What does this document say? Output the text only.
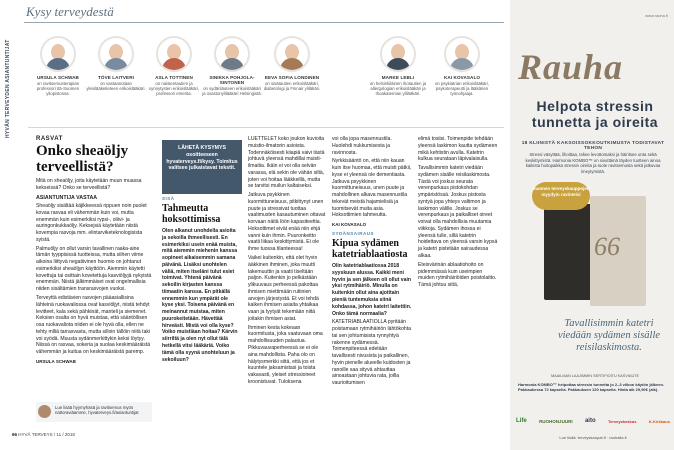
Kysy terveydestä
HYVÄN TERVEYDEN ASIANTUNTIJAT	URSULA SCHWAB
on ravitsemusterapian professori Itä-Suomen yliopistossa.
TÖVE LAITVERI
on vastaanotaan yleislääketieteen erikoislääkäri.
ASLA TOTTINEN
on naistentautien ja synnytysten erikoislääkäri, professori emerita.
SINIKKA POHJOLA-SINTONEN
on sydänläuteen erikoislääkäri ja osastonylilääkäri Helsingistä.
EEVA SOFIA LONDINEN
on sisätautien erikoislääkäri, diabetologi ja Finnair yliläkäri.
MARKE LEBLI
on helsinkiläinen ihotautien ja allergologian erikoislääkäri ja Ihoakatemian ylilääkäri.
KAI KOVASALO
on psykiatrian erikoislääkäri, psykoterapeutti ja lääkärien työnohjaaja.
RASVAT
Onko sheaöljy terveellistä?

Mitä on sheaöljy, joita käytetään muun muassa kekseissä? Onko se terveellistä?

ASIANTUNTIJA VASTAA

Sheaöljy sisältää käjikkeessä rippuen noin puolet kovaa rasvaa eli vähemmän kuin voi, mutta enemmän kuin esimerkiksi rypsi-, oliivi- ja auringonkukkaöljy. Keksejsiä käytetään niistä kovempia rasvoja mm. elintarviketeknologisista syistä.

Palmuöljy on ollut varsin tavallinen raaka-aine tämän tyyppisissä tuotteissa, mutta siihen viime aikoina liittyvä negatiivinen huomio on johtanut esimerkiksi sheaöljyn käyttöön. Aiemmin käytetti kovettuja tai osittain kovetettuja kasviöljyjä nykyistä enemmän. Niistä jälkimmäiset ovat ongelmallisia niiden sisältämien transrasvojen vuoksi.

Terveyttä edistävien rasvojen pääasiallisina lähteinä ruokavaliossa ovat kasviöljyt, niistä tehdyt levitteet, kala sekä pähkinät, manteli ja siemenet. Keksien osalta on hyvä muistaa, että sääntöllisen osa ruokavaliota niiden ei ole hyvä olla, ellen ne tehty mlliä tarrasvasta, mutta silloin tällöin niitä taki voi syödä. Muusta sydänmerkittykin keksi löytyy. Niissä on rasvaa, sokeria ja suolaa keskimääräistä vähemmän ja kuitua on keskimääräistä paremp.

URSULA SCHWAB
Lue lisää hyymyhäsä ja ravitsemus myös nattoraviäamme, hyvaterveys.fi/asiantuntijat
LÄHETÄ KYSYMYS osoitteeseen hyvaterveys.fi/kysy. Toimitus valitsee julkaistavat tekstit.
SISÄ
Tahmeutta hoksottimissa

Olen alkanut unohdella asioita ja sekoilla ihmeellisesti. En esimerkiksi usein enää muista, mitä aiemmin miehenin kanssa sopineet aikaisemmin samana päivänä. Lisäksi unohtelen väliä, miten itseläni tulut esiet toimivat. Yhtenä päivänä sekoilin kirjasten kanssa tiimaatin kanssa. En pitkällä ennemmin kun ympärät ole kyse yksi. Toisena päivänä en meinannut muistaa, miten puurokeitetään. Hävettää hirveästi. Mistä voi olla kyse? Voiko muistiäan hoitaa? Kärvin siirriltä ja olen nyt ollut tälä hetkellä vitsi lääkäriä. Voiko tämä olla syynä unohteluun ja sekoiluun?

LUETTELET koko joukon kuvioita muistio-ilmatorin asioista. Todennäköisesti kiiapiä vaivi tästä johtuvä yleensä mahdillai muisti-ilmaitia. Ikäin ei voi olla selvän varassa, elä sekin ole vähän siltä, joten voi hoitaa lääkkeillä, mutta se tarvitsi muilun kaltaiseksi.

Jatkuva psykkinen kuormittuneisuus, pitkittynyt unen puute ja stressivat tuottaa vaatimusten kasautuminen ottavat korvaan näitä löön kapasiteettia. Hoksottimet eivät enää niin ehjä vanni kuin ihmin. Puuronkeitto vaatii liikaa keskittymistä. Ei ole ihme tuossa tilanteessa!

Vaikei kuitenkin, että olet hyvin ääkkinen ihminen, joka muutti lakemuuttin ja vaatii tiseltään paljon. Kuitenkin jo pelkästään ylikuuvaus perheessä pakottaa ihmisen miettimään rutiinien arvojen järjestystä. Et voi tehdä kaiken ihmisen asiaita yhtaikaa vaan ja tyytyät tekemään niitä joitakin ihmisen asiat.

Ihminen kesta kokeaan kuormitusta, joka vaatuvaan oma mahdollisuuden palautua. Pikkuvauvaperheessä se ei ole aina mahdollista. Paha olo on hälytysmerkki siitä, että jos et kuuntele jaksamistasi ja toista vakavasti, yleiset stressioireet kroonistuvat. Tuloksena

voi olla jopa masennustila. Huolehdi nukkumisesta ja ravinnosta.

Nyrkkisääntö on, että niin kauan kuin itse huomaa, että muisti pätkii, kyse ei yleensä ole dementiasta. Jatkuva psyykkinen kuormittuneisuus, unen puute ja mahdollinen alkava masennustila tekevät meistä hajamielisiä ja tuomitsevät muita asia. Hoksottimien tahmeutta.

KAI KOVASALO
SYDÄNSAIRAUS
Kipua sydämen katetriablaatiosta

Olin katetriablaatiossa 2018 syyskuun alussa. Kaikki meni hyvin ja sen jälkeen oli ollut vain yksi rytmihäiriö. Minulla on kuitenkin ollut aina ajoittain pieniä tuntemuksia siinä kohdassa, johon katetri laitettiin. Onko tämä normaalia?

KATETRIABLAATIOLLA pyritään poistamaan rytmihäiriön lähtökohta tai sen johtumisista rynnyhtyä rakenne sydämessä. Toimenpiteessä edetään tavallisesti nivusista ja paikallinen, hyvin pienelle alueelle kuidosten ja ranoille saa sityvä ahtauttaa ainoastaan johtuvia rata, joilla vaurioitumisen

elimä tosiisi. Toimenpide tehdään yleensä laskimon kautta sydämeen mikä kehtistin avulla. Katetrin kulkua seurataan läpivalaisulla.

Tavallisimmin katetri viedään sydämen sisälle reisilaskimosta. Tästä voi joskus seurata verenpurkaus pistokohdan ympäristössä. Joskus pistosta syntyä jopa yhteys valtimon ja laskimon välille. Joskus se verenpurkaus ja paikalliset oireet voivat olla mahdollisia muutamia viikkoja. Sydämen ihossa ei yleensä tulle, sillä katetrin hoidettava on yleensä varsin kypsä ja katetri pistetään sairaudessa alkaa.

Eteisvärinän ablaatiohoito on pidemmässä kuin useimpien muiden rytmihäiriöiden poistolaitto. Tämä johtuu siitä,

66 HYVÄ TERVEYS / 11 / 2018
www.rauha.fi
Rauha
Helpota stressin tunnetta ja oireita
18 KLIINISTÄ KAKSOISSOKKOUTKIMUSTA TODISTAVAT TEHON
Stressi väsyttää, lihoittaa, tekee levottomaksi ja häiritsee unta sekä keskittymistä. Harmonia KOMBO™ on sivuttäinä täyden tuotteen ainoa kaikista hoitopaikka stressin oireita ja tuote ravitsemusta sekä jatkuvaa imeytymistä.
66
Suomen terveyskauppojen myydyin ravinteisi
Tavallisimmin katetri viedään sydämen sisälle reisilaskimosta.
MAAILMAN LAAJIMMIN SERTIFIOITU KASVIAUTE
Harmonia KOMBO™ helpottaa stressin tunnetta jo 2–3 viikon käytön jälkeen. Pakkaukessa 72 kapselia. Pakkauksen 120 kapselia. Hinta alk 29,90€ (alk).
Life	RUOHONJUURI aito	Terveyskeskus	K-Kirkkaus
Lue lisää: terveyskaupat.fi · rauhalla.fi
